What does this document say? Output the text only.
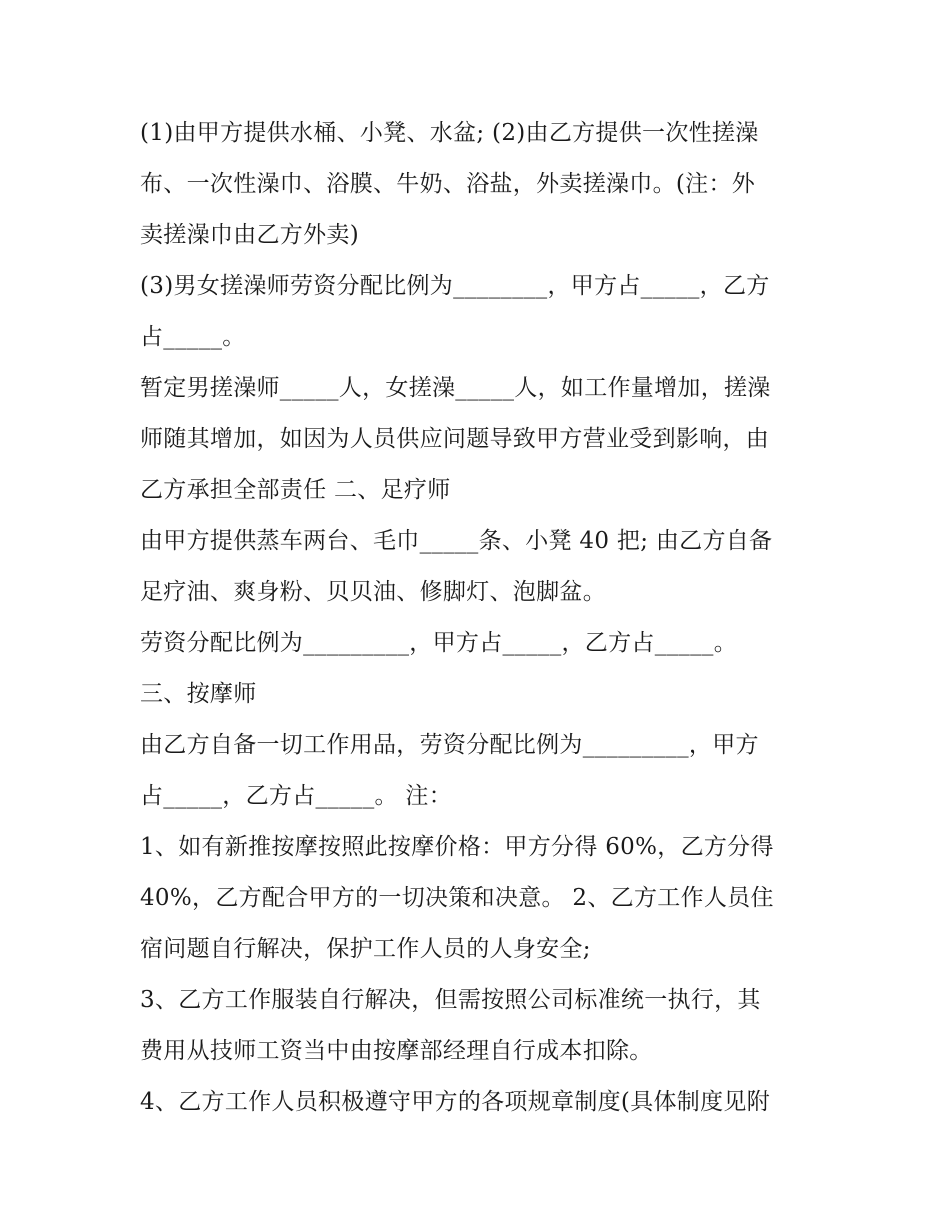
(1)由甲方提供水桶、小凳、水盆; (2)由乙方提供一次性搓澡
布、一次性澡巾、浴膜、牛奶、浴盐，外卖搓澡巾。(注：外
卖搓澡巾由乙方外卖)
(3)男女搓澡师劳资分配比例为________，甲方占_____，乙方
占_____。
暂定男搓澡师_____人，女搓澡_____人，如工作量增加，搓澡
师随其增加，如因为人员供应问题导致甲方营业受到影响，由
乙方承担全部责任 二、足疗师
由甲方提供蒸车两台、毛巾_____条、小凳 40 把; 由乙方自备
足疗油、爽身粉、贝贝油、修脚灯、泡脚盆。
劳资分配比例为_________，甲方占_____，乙方占_____。
三、按摩师
由乙方自备一切工作用品，劳资分配比例为_________，甲方
占_____，乙方占_____。 注：
1、如有新推按摩按照此按摩价格：甲方分得 60%，乙方分得
40%，乙方配合甲方的一切决策和决意。 2、乙方工作人员住
宿问题自行解决，保护工作人员的人身安全;
3、乙方工作服装自行解决，但需按照公司标准统一执行，其
费用从技师工资当中由按摩部经理自行成本扣除。
4、乙方工作人员积极遵守甲方的各项规章制度(具体制度见附
